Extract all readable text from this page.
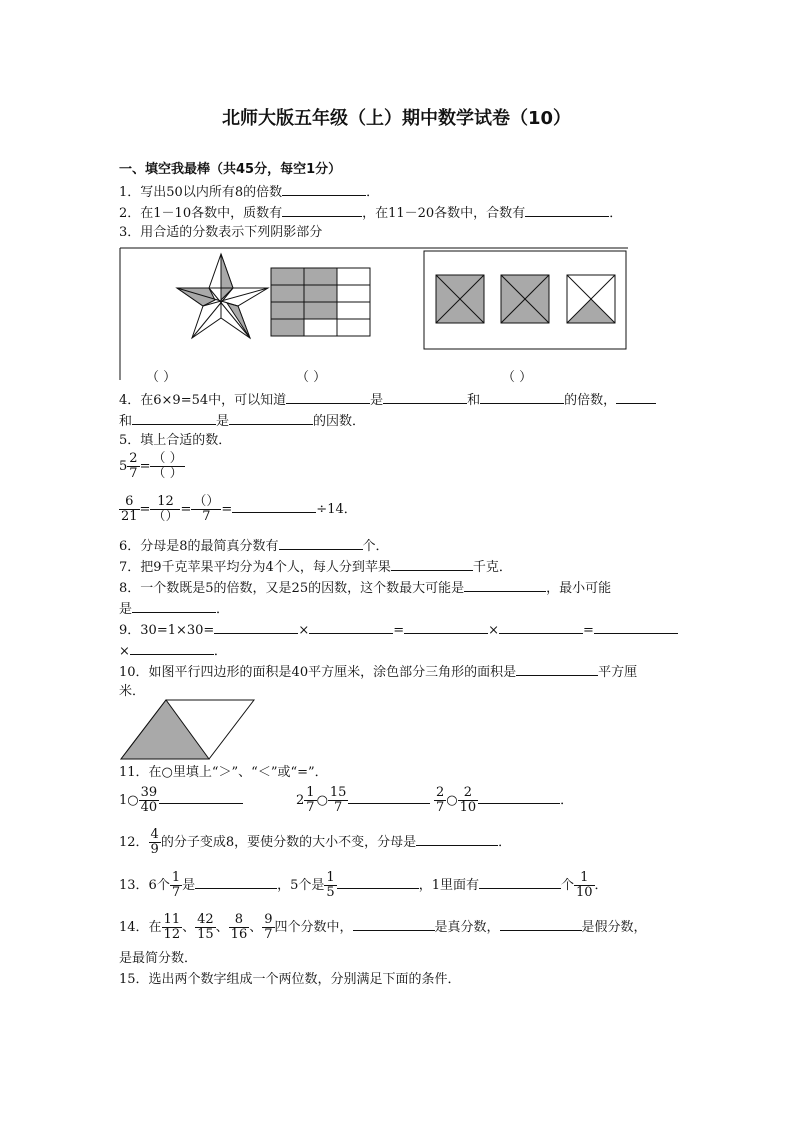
北师大版五年级（上）期中数学试卷（10）
一、填空我最棒（共45分，每空1分）
1．写出50以内所有8的倍数	．
2．在1－10各数中，质数有	，在11－20各数中，合数有	．
3．用合适的分数表示下列阴影部分
（ ）	（ ）	（ ）
4．在6×9=54中，可以知道	是	和	的倍数，
和	是	的因数．
5．填上合适的数．
$5 \frac{2}{7} = \frac{( )}{( )}$
$\frac{6}{21} = \frac{12}{()} = \frac{()}{7}$ =	÷14．
6．分母是8的最简真分数有	个．
7．把9千克苹果平均分为4个人，每人分到苹果	千克．
8．一个数既是5的倍数，又是25的因数，这个数最大可能是	，最小可能
是	．
9．30=1×30=	×	=	×	=
×	．
10．如图平行四边形的面积是40平方厘米，涂色部分三角形的面积是	平方厘
米．
11．在○里填上“＞”、“＜”或“=”．
1○ $\frac{39}{40}$	$2 \frac{1}{7}$ ○ $\frac{15}{7}$	$\frac{2}{7}$ ○ $\frac{2}{10}$	．
12． $\frac{4}{9}$ 的分子变成8，要使分数的大小不变，分母是	．
13．6个 $\frac{1}{7}$ 是	，5个是 $\frac{1}{5}$	，1里面有	个 $\frac{1}{10}$ ．
14．在 $\frac{11}{12}$ 、 $\frac{42}{15}$ 、 $\frac{8}{16}$ 、 $\frac{9}{7}$ 四个分数中，	是真分数，	是假分数，
是最简分数．
15．选出两个数字组成一个两位数，分别满足下面的条件．
